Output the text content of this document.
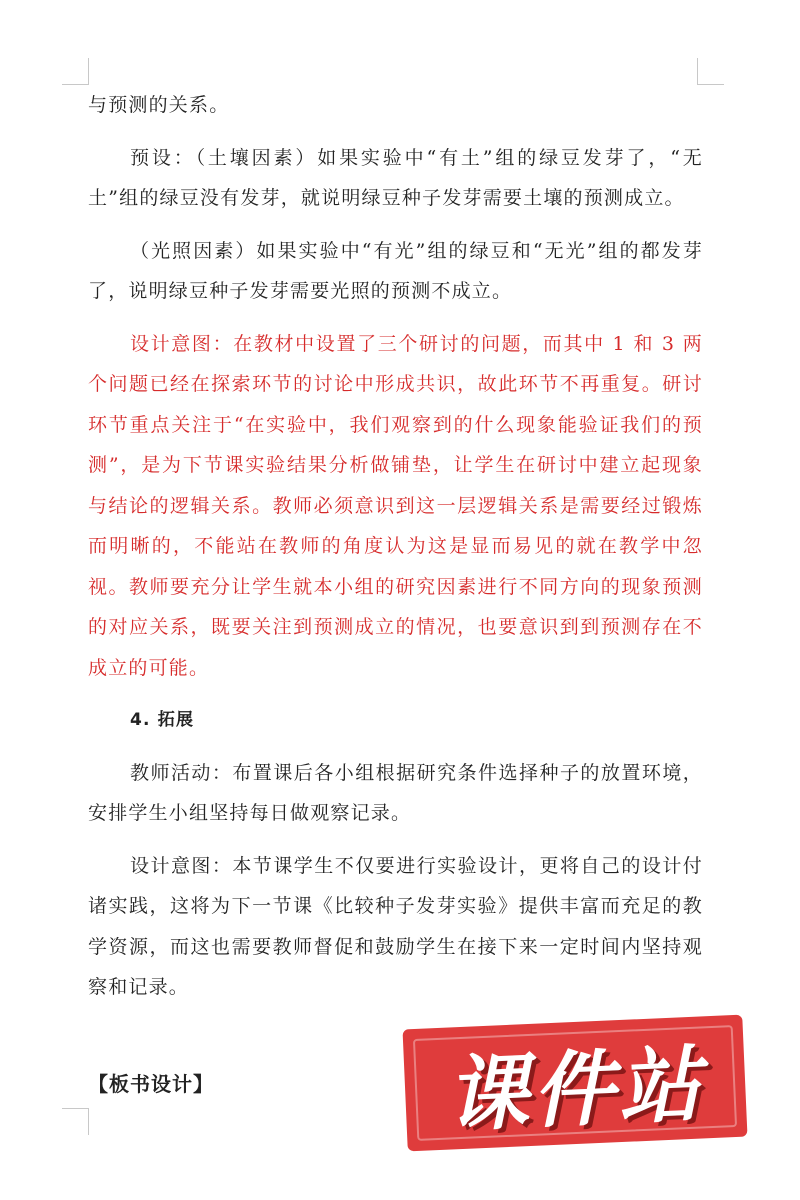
与预测的关系。

预设：（土壤因素）如果实验中“有土”组的绿豆发芽了，“无土”组的绿豆没有发芽，就说明绿豆种子发芽需要土壤的预测成立。

（光照因素）如果实验中“有光”组的绿豆和“无光”组的都发芽了，说明绿豆种子发芽需要光照的预测不成立。

设计意图：在教材中设置了三个研讨的问题，而其中 1 和 3 两个问题已经在探索环节的讨论中形成共识，故此环节不再重复。研讨环节重点关注于“在实验中，我们观察到的什么现象能验证我们的预测”，是为下节课实验结果分析做铺垫，让学生在研讨中建立起现象与结论的逻辑关系。教师必须意识到这一层逻辑关系是需要经过锻炼而明晰的，不能站在教师的角度认为这是显而易见的就在教学中忽视。教师要充分让学生就本小组的研究因素进行不同方向的现象预测的对应关系，既要关注到预测成立的情况，也要意识到到预测存在不成立的可能。

4. 拓展

教师活动：布置课后各小组根据研究条件选择种子的放置环境，安排学生小组坚持每日做观察记录。

设计意图：本节课学生不仅要进行实验设计，更将自己的设计付诸实践，这将为下一节课《比较种子发芽实验》提供丰富而充足的教学资源，而这也需要教师督促和鼓励学生在接下来一定时间内坚持观察和记录。

【板书设计】	课件站
